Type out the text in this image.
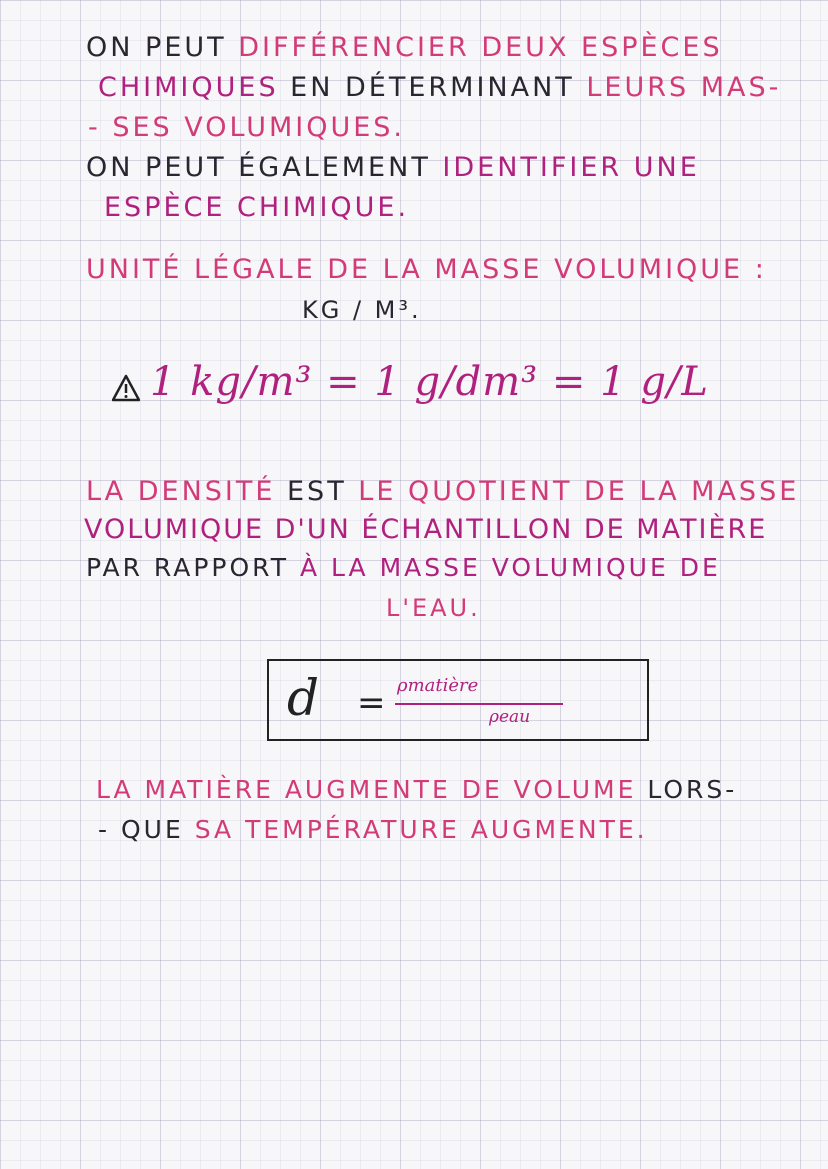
ON PEUT DIFFÉRENCIER DEUX ESPÈCES
CHIMIQUES EN DÉTERMINANT LEURS MAS-
- SES VOLUMIQUES.
ON PEUT ÉGALEMENT IDENTIFIER UNE
ESPÈCE CHIMIQUE.
UNITÉ LÉGALE DE LA MASSE VOLUMIQUE :
KG / M³.
1 kg/m³ = 1 g/dm³ = 1 g/L
LA DENSITÉ EST LE QUOTIENT DE LA MASSE
VOLUMIQUE D'UN ÉCHANTILLON DE MATIÈRE
PAR RAPPORT À LA MASSE VOLUMIQUE DE
L'EAU.
d = ρmatière
ρeau
LA MATIÈRE AUGMENTE DE VOLUME LORS-
- QUE SA TEMPÉRATURE AUGMENTE.
